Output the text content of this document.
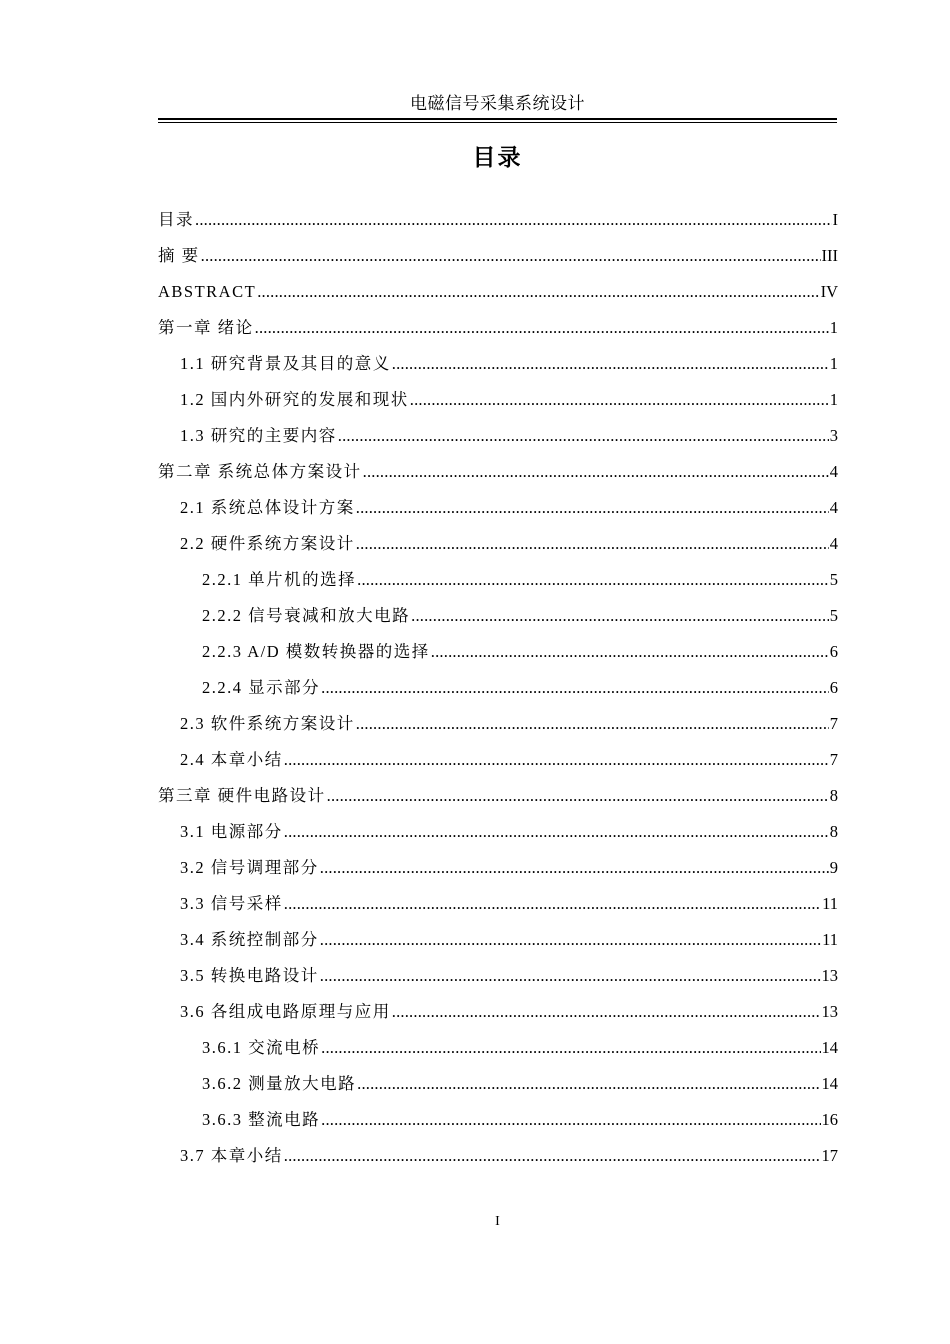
电磁信号采集系统设计
目录
目录 .....	I
摘 要 .....	III
ABSTRACT .....	IV
第一章 绪论 .....	1
1.1 研究背景及其目的意义 .....	1
1.2 国内外研究的发展和现状 .....	1
1.3 研究的主要内容 .....	3
第二章 系统总体方案设计 .....	4
2.1 系统总体设计方案 .....	4
2.2 硬件系统方案设计 .....	4
2.2.1 单片机的选择 .....	5
2.2.2 信号衰减和放大电路 .....	5
2.2.3 A/D 模数转换器的选择 .....	6
2.2.4 显示部分 .....	6
2.3 软件系统方案设计 .....	7
2.4 本章小结 .....	7
第三章 硬件电路设计 .....	8
3.1 电源部分 .....	8
3.2 信号调理部分 .....	9
3.3 信号采样 .....	11
3.4 系统控制部分 .....	11
3.5 转换电路设计 .....	13
3.6 各组成电路原理与应用 .....	13
3.6.1 交流电桥 .....	14
3.6.2 测量放大电路 .....	14
3.6.3 整流电路 .....	16
3.7 本章小结 .....	17
I
